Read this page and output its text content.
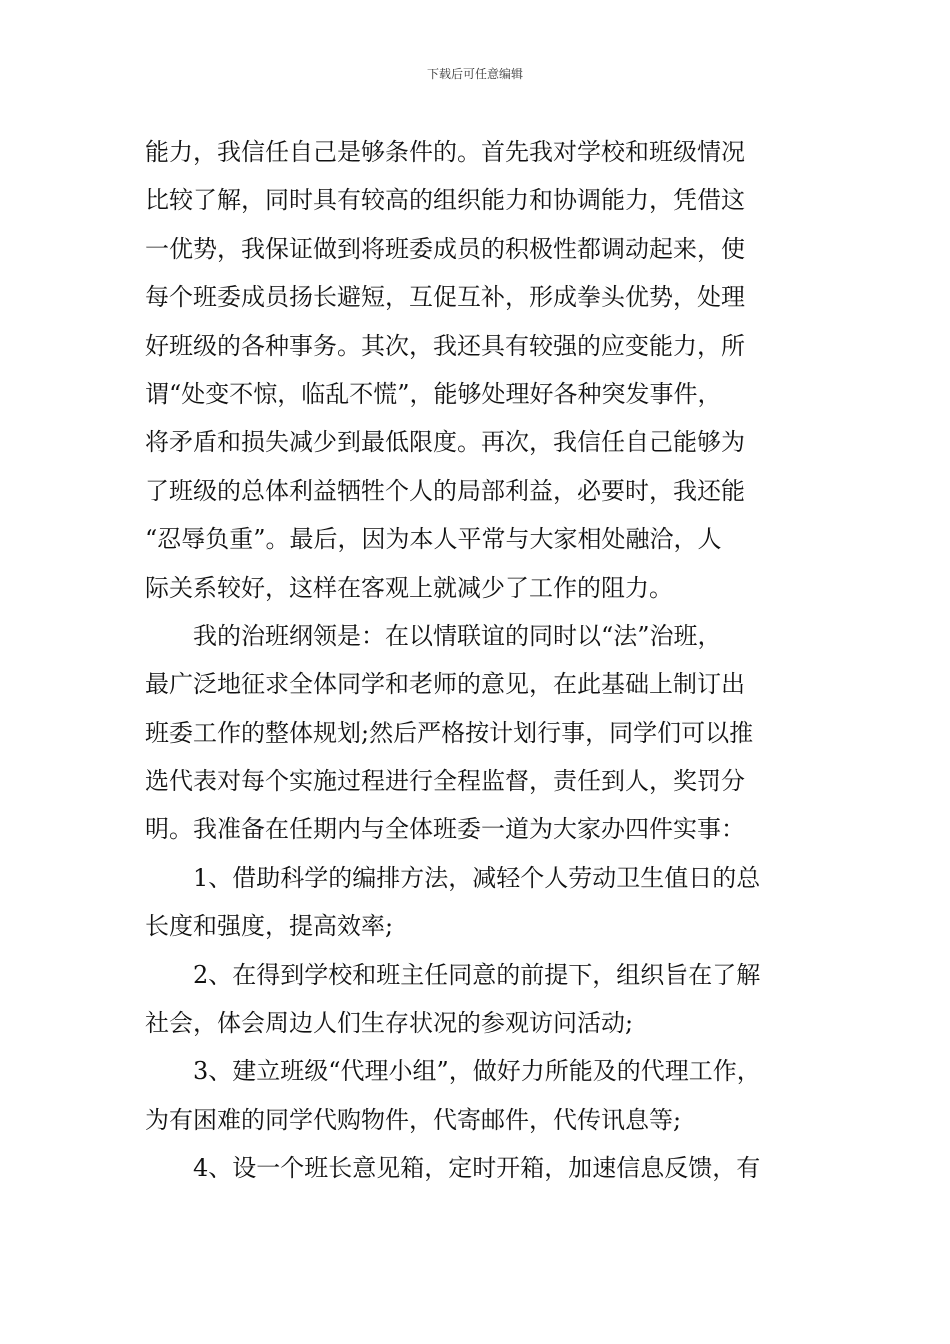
下载后可任意编辑
能力，我信任自己是够条件的。首先我对学校和班级情况
比较了解，同时具有较高的组织能力和协调能力，凭借这
一优势，我保证做到将班委成员的积极性都调动起来，使
每个班委成员扬长避短，互促互补，形成拳头优势，处理
好班级的各种事务。其次，我还具有较强的应变能力，所
谓“处变不惊，临乱不慌”，能够处理好各种突发事件，
将矛盾和损失减少到最低限度。再次，我信任自己能够为
了班级的总体利益牺牲个人的局部利益，必要时，我还能
“忍辱负重”。最后，因为本人平常与大家相处融洽，人
际关系较好，这样在客观上就减少了工作的阻力。
我的治班纲领是：在以情联谊的同时以“法”治班，
最广泛地征求全体同学和老师的意见，在此基础上制订出
班委工作的整体规划;然后严格按计划行事，同学们可以推
选代表对每个实施过程进行全程监督，责任到人，奖罚分
明。我准备在任期内与全体班委一道为大家办四件实事：
1、借助科学的编排方法，减轻个人劳动卫生值日的总
长度和强度，提高效率;
2、在得到学校和班主任同意的前提下，组织旨在了解
社会，体会周边人们生存状况的参观访问活动;
3、建立班级“代理小组”，做好力所能及的代理工作，
为有困难的同学代购物件，代寄邮件，代传讯息等;
4、设一个班长意见箱，定时开箱，加速信息反馈，有
